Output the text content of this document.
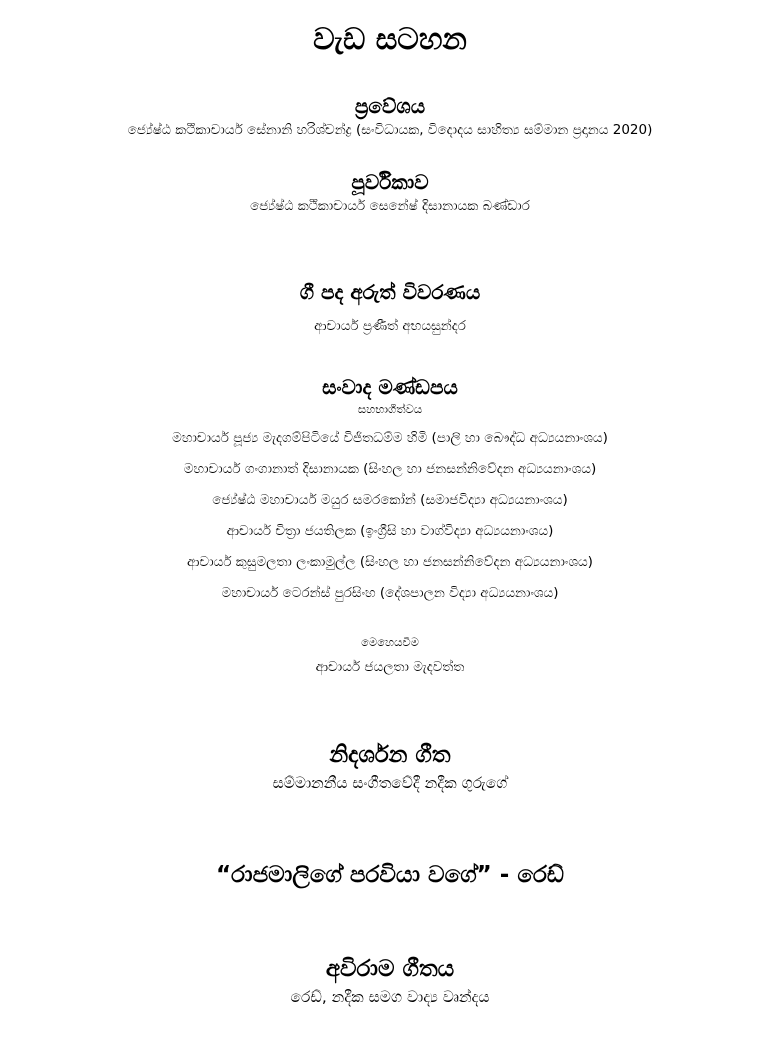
වැඩ සටහන
ප්‍රවේශය
ජ්‍යේෂ්ඨ කථිකාචාර්ය සේනානි හරිශ්චන්ද්‍ර (සංවිධායක, විදෙ‍ාදය සාහිත්‍ය සම්මාන ප්‍රදානය 2020)
පූර්විකාව
ජ්‍යේෂ්ඨ කථිකාචාර්ය සෙනේෂ් දිසානායක බණ්ඩාර
ගී පද අරුත් විවරණය
ආචාර්ය ප්‍රණීත් අභයසුන්දර
සංවාද මණ්ඩපය
සහභාගීත්වය
මහාචාර්ය පූජ්‍ය මැදගම්පිටියේ විජිතධම්ම හිමි (පාලි හා බෞද්ධ අධ්‍යයනාංශය)
මහාචාර්ය ගංගානාත් දිසානායක (සිංහල හා ජනසන්නිවේදන අධ්‍යයනාංශය)
ජ්‍යේෂ්ඨ මහාචාර්ය මයුර සමරකෝන් (සමාජවිද්‍යා අධ්‍යයනාංශය)
ආචාර්ය චිත්‍රා ජයතිලක (ඉංග්‍රීසි හා වාග්විද්‍යා අධ්‍යයනාංශය)
ආචාර්ය කුසුමලතා ලංකාමුල්ල (සිංහල හා ජනසන්නිවේදන අධ්‍යයනාංශය)
මහාචාර්ය ටෙරන්ස් පුරසිංහ (දේශපාලන විද්‍යා අධ්‍යයනාංශය)
මෙහෙයවීම
ආචාර්ය ජයලතා මැදවත්ත
නිදර්ශන ගීත
සම්මානනීය සංගීතවේදී නදීක ගුරුගේ
“රාජමාලිගේ පරවියා වගේ” - රෙඩ්
අවිරාම ගීතය
රෙඩ්, නදීක සමග වාද්‍ය වෘන්දය
